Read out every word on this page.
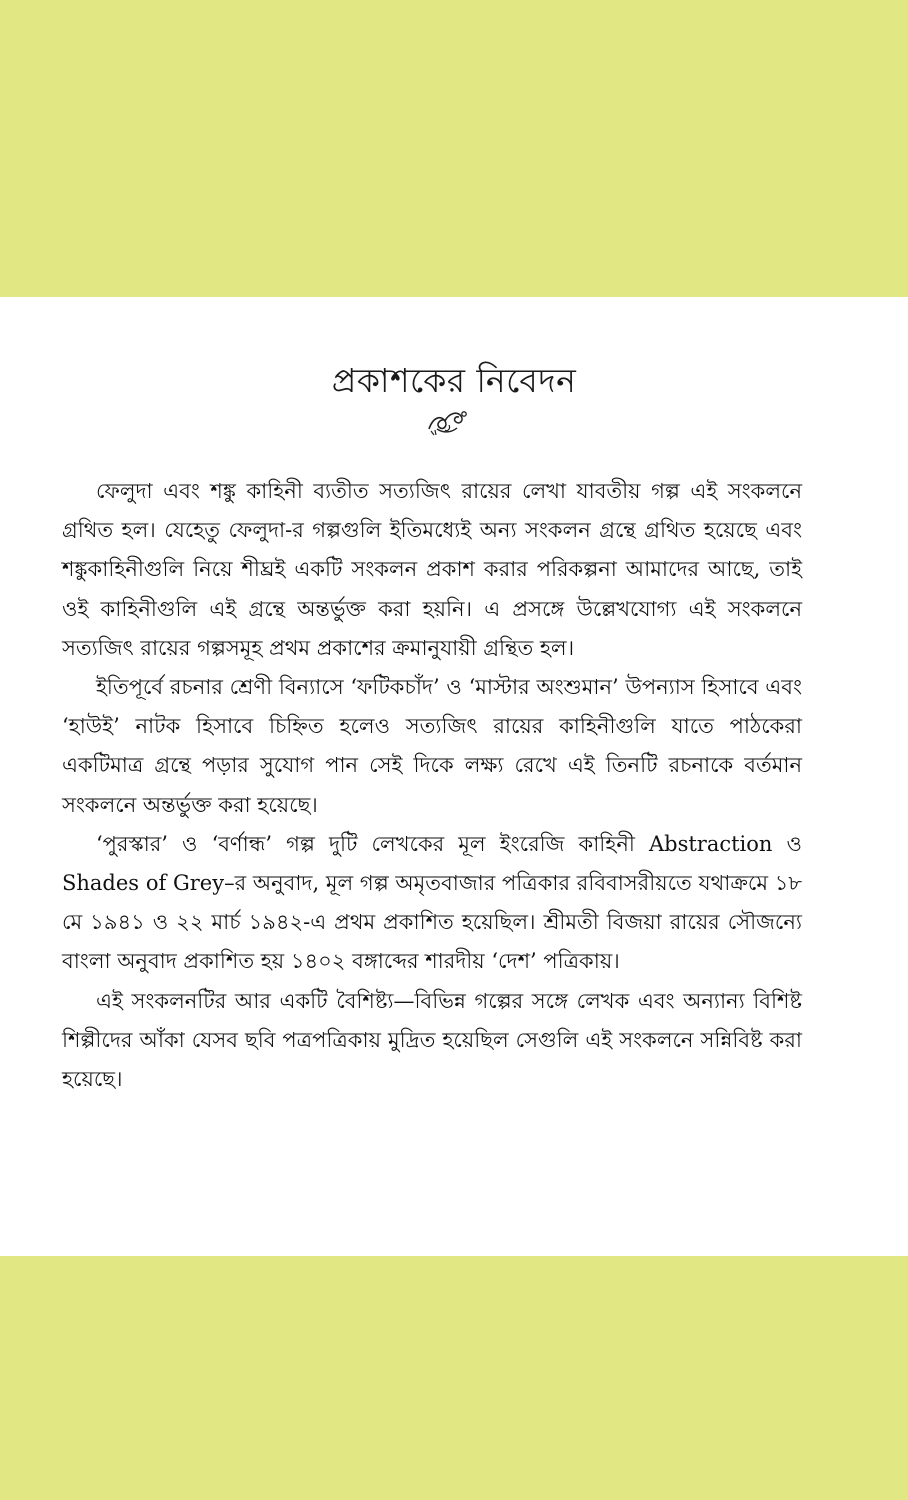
প্রকাশকের নিবেদন

ফেলুদা এবং শঙ্কু কাহিনী ব্যতীত সত্যজিৎ রায়ের লেখা যাবতীয় গল্প এই সংকলনে গ্রথিত হল। যেহেতু ফেলুদা-র গল্পগুলি ইতিমধ্যেই অন্য সংকলন গ্রন্থে গ্রথিত হয়েছে এবং শঙ্কুকাহিনীগুলি নিয়ে শীঘ্রই একটি সংকলন প্রকাশ করার পরিকল্পনা আমাদের আছে, তাই ওই কাহিনীগুলি এই গ্রন্থে অন্তর্ভুক্ত করা হয়নি। এ প্রসঙ্গে উল্লেখযোগ্য এই সংকলনে সত্যজিৎ রায়ের গল্পসমূহ প্রথম প্রকাশের ক্রমানুযায়ী গ্রন্থিত হল।

ইতিপূর্বে রচনার শ্রেণী বিন্যাসে ‘ফটিকচাঁদ’ ও ‘মাস্টার অংশুমান’ উপন্যাস হিসাবে এবং ‘হাউই’ নাটক হিসাবে চিহ্নিত হলেও সত্যজিৎ রায়ের কাহিনীগুলি যাতে পাঠকেরা একটিমাত্র গ্রন্থে পড়ার সুযোগ পান সেই দিকে লক্ষ্য রেখে এই তিনটি রচনাকে বর্তমান সংকলনে অন্তর্ভুক্ত করা হয়েছে।

‘পুরস্কার’ ও ‘বর্ণান্ধ’ গল্প দুটি লেখকের মূল ইংরেজি কাহিনী Abstraction ও Shades of Grey–র অনুবাদ, মূল গল্প অমৃতবাজার পত্রিকার রবিবাসরীয়তে যথাক্রমে ১৮ মে ১৯৪১ ও ২২ মার্চ ১৯৪২-এ প্রথম প্রকাশিত হয়েছিল। শ্রীমতী বিজয়া রায়ের সৌজন্যে বাংলা অনুবাদ প্রকাশিত হয় ১৪০২ বঙ্গাব্দের শারদীয় ‘দেশ’ পত্রিকায়।

এই সংকলনটির আর একটি বৈশিষ্ট্য—বিভিন্ন গল্পের সঙ্গে লেখক এবং অন্যান্য বিশিষ্ট শিল্পীদের আঁকা যেসব ছবি পত্রপত্রিকায় মুদ্রিত হয়েছিল সেগুলি এই সংকলনে সন্নিবিষ্ট করা হয়েছে।
